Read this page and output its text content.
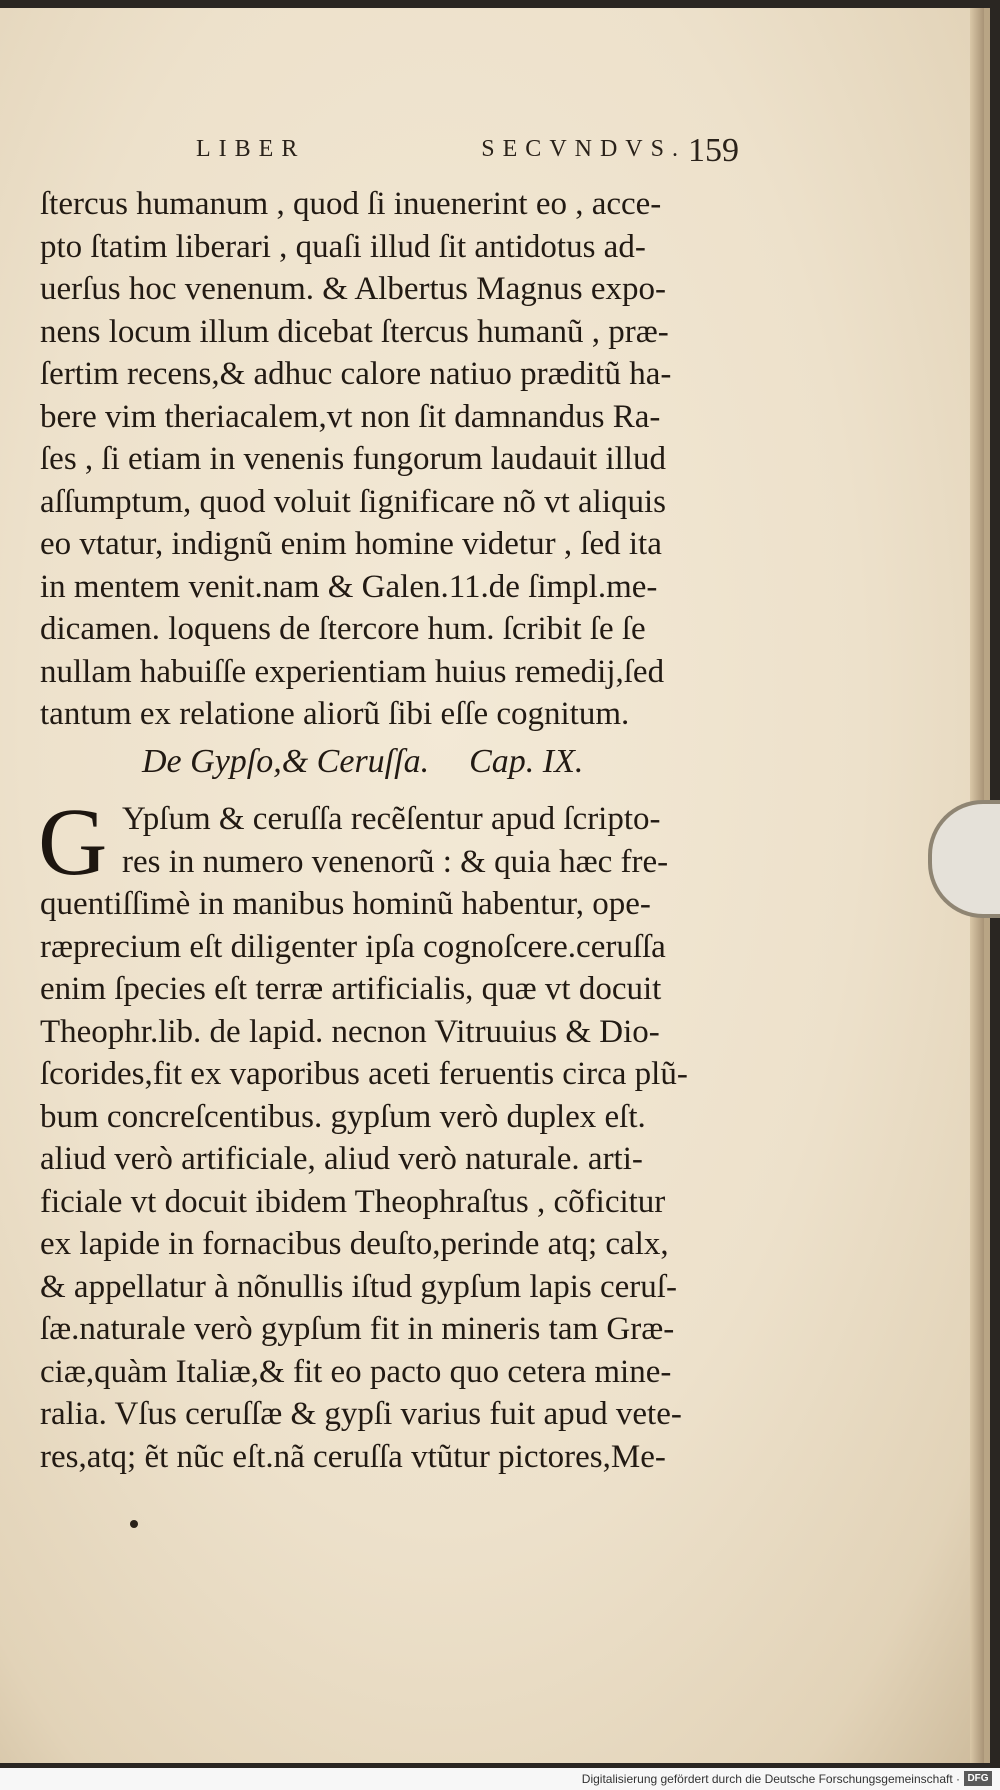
LIBER	SECVNDVS. 159
ſtercus humanum , quod ſi inuenerint eo , acce-
pto ſtatim liberari , quaſi illud ſit antidotus ad-
uerſus hoc venenum. & Albertus Magnus expo-
nens locum illum dicebat ſtercus humanũ , præ-
ſertim recens,& adhuc calore natiuo præditũ ha-
bere vim theriacalem,vt non ſit damnandus Ra-
ſes , ſi etiam in venenis fungorum laudauit illud
aſſumptum, quod voluit ſignificare nõ vt aliquis
eo vtatur, indignũ enim homine videtur , ſed ita
in mentem venit.nam & Galen.11.de ſimpl.me-
dicamen. loquens de ſtercore hum. ſcribit ſe ſe
nullam habuiſſe experientiam huius remedij,ſed
tantum ex relatione aliorũ ſibi eſſe cognitum.
De Gypſo,& Ceruſſa. Cap. IX.
G Ypſum & ceruſſa recẽſentur apud ſcripto-
res in numero venenorũ : & quia hæc fre-
quentiſſimè in manibus hominũ habentur, ope-
ræprecium eſt diligenter ipſa cognoſcere.ceruſſa
enim ſpecies eſt terræ artificialis, quæ vt docuit
Theophr.lib. de lapid. necnon Vitruuius & Dio-
ſcorides,fit ex vaporibus aceti feruentis circa plũ-
bum concreſcentibus. gypſum verò duplex eſt.
aliud verò artificiale, aliud verò naturale. arti-
ficiale vt docuit ibidem Theophraſtus , cõficitur
ex lapide in fornacibus deuſto,perinde atq; calx,
& appellatur à nõnullis iſtud gypſum lapis ceruſ-
ſæ.naturale verò gypſum fit in mineris tam Græ-
ciæ,quàm Italiæ,& fit eo pacto quo cetera mine-
ralia. Vſus ceruſſæ & gypſi varius fuit apud vete-
res,atq; ẽt nũc eſt.nã ceruſſa vtũtur pictores,Me-
Digitalisierung gefördert durch die Deutsche Forschungsgemeinschaft · DFG
